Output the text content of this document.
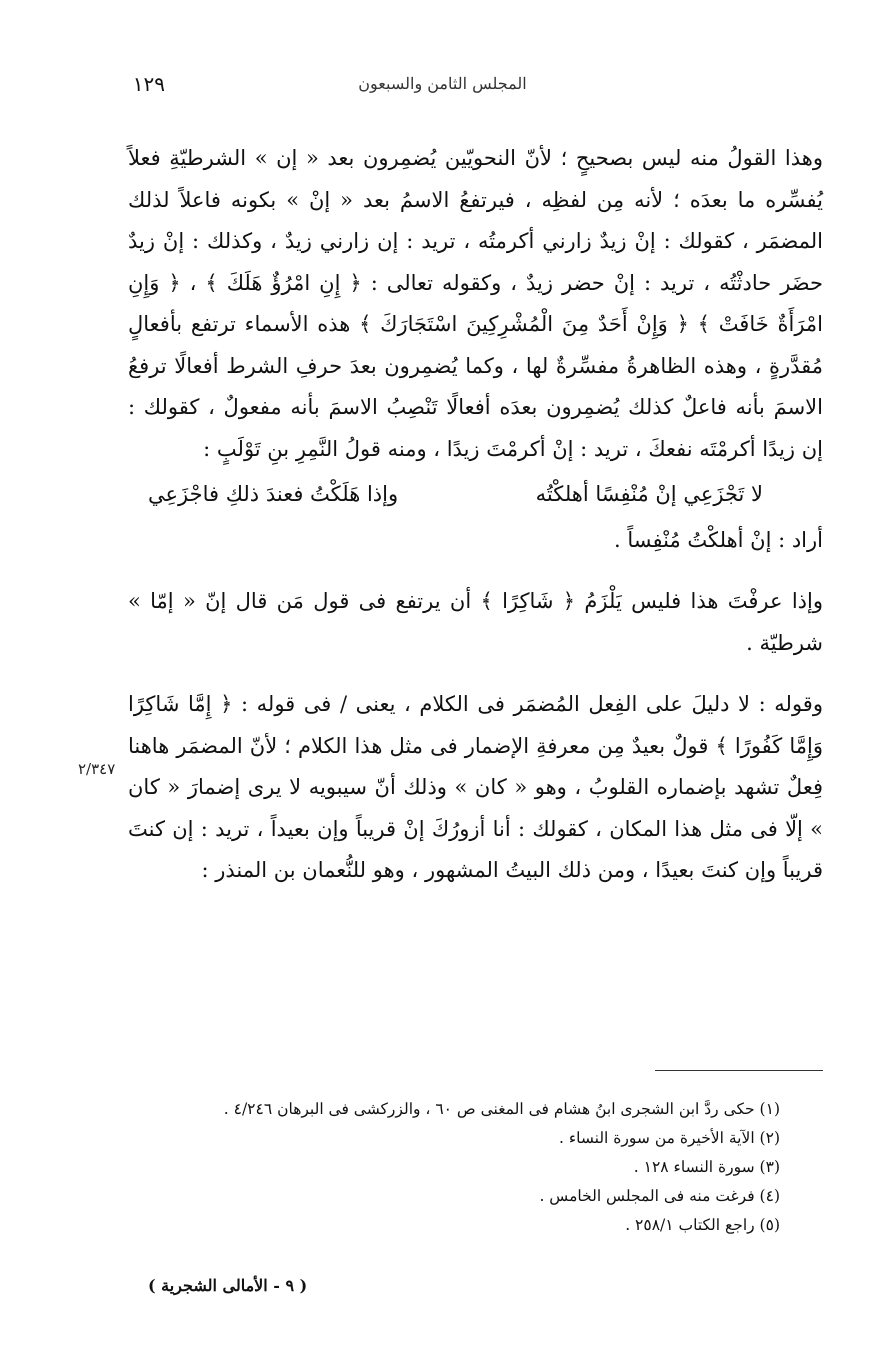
١٢٩	المجلس الثامن والسبعون
٢/٣٤٧

وهذا القولُ منه ليس بصحيحٍ ؛ لأنّ النحويّين يُضمِرون بعد « إن » الشرطيّةِ فعلاً يُفسِّره ما بعدَه ؛ لأنه مِن لفظِه ، فيرتفعُ الاسمُ بعد « إنْ » بكونه فاعلاً لذلك المضمَر ، كقولك : إنْ زيدٌ زارني أكرمتُه ، تريد : إن زارني زيدٌ ، وكذلك : إنْ زيدٌ حضَر حادثْتُه ، تريد : إنْ حضر زيدٌ ، وكقوله تعالى : ﴿ إِنِ امْرُؤٌ هَلَكَ ﴾ ، ﴿ وَإِنِ امْرَأَةٌ خَافَتْ ﴾ ﴿ وَإِنْ أَحَدٌ مِنَ الْمُشْرِكِينَ اسْتَجَارَكَ ﴾ هذه الأسماء ترتفع بأفعالٍ مُقدَّرةٍ ، وهذه الظاهرةُ مفسِّرةٌ لها ، وكما يُضمِرون بعدَ حرفِ الشرط أفعالًا ترفعُ الاسمَ بأنه فاعلٌ كذلك يُضمِرون بعدَه أفعالًا تَنْصِبُ الاسمَ بأنه مفعولٌ ، كقولك : إن زيدًا أكرمْتَه نفعكَ ، تريد : إنْ أكرمْتَ زيدًا ، ومنه قولُ النَّمِرِ بنِ تَوْلَبٍ :

لا تَجْزَعِي إنْ مُنْفِسًا أهلكْتُه
وإذا هَلَكْتُ فعندَ ذلكِ فاجْزَعِي

أراد : إنْ أهلكْتُ مُنْفِساً .

وإذا عرفْتَ هذا فليس يَلْزَمُ ﴿ شَاكِرًا ﴾ أن يرتفع فى قول مَن قال إنّ « إمّا » شرطيّة .

وقوله : لا دليلَ على الفِعل المُضمَر فى الكلام ، يعنى / فى قوله : ﴿ إِمَّا شَاكِرًا وَإِمَّا كَفُورًا ﴾ قولٌ بعيدٌ مِن معرفةِ الإضمار فى مثل هذا الكلام ؛ لأنّ المضمَر هاهنا فِعلٌ تشهد بإضماره القلوبُ ، وهو « كان » وذلك أنّ سيبويه لا يرى إضمارَ « كان » إلّا فى مثل هذا المكان ، كقولك : أنا أزورُكَ إنْ قريباً وإن بعيداً ، تريد : إن كنتَ قريباً وإن كنتَ بعيدًا ، ومن ذلك البيتُ المشهور ، وهو للنُّعمان بن المنذر :

(١) حكى ردَّ ابن الشجرى ابنُ هشام فى المغنى ص ٦٠ ، والزركشى فى البرهان ٤/٢٤٦ .
(٢) الآية الأخيرة من سورة النساء .
(٣) سورة النساء ١٢٨ .
(٤) فرغت منه فى المجلس الخامس .
(٥) راجع الكتاب ٢٥٨/١ .
( ٩ - الأمالى الشجرية )
